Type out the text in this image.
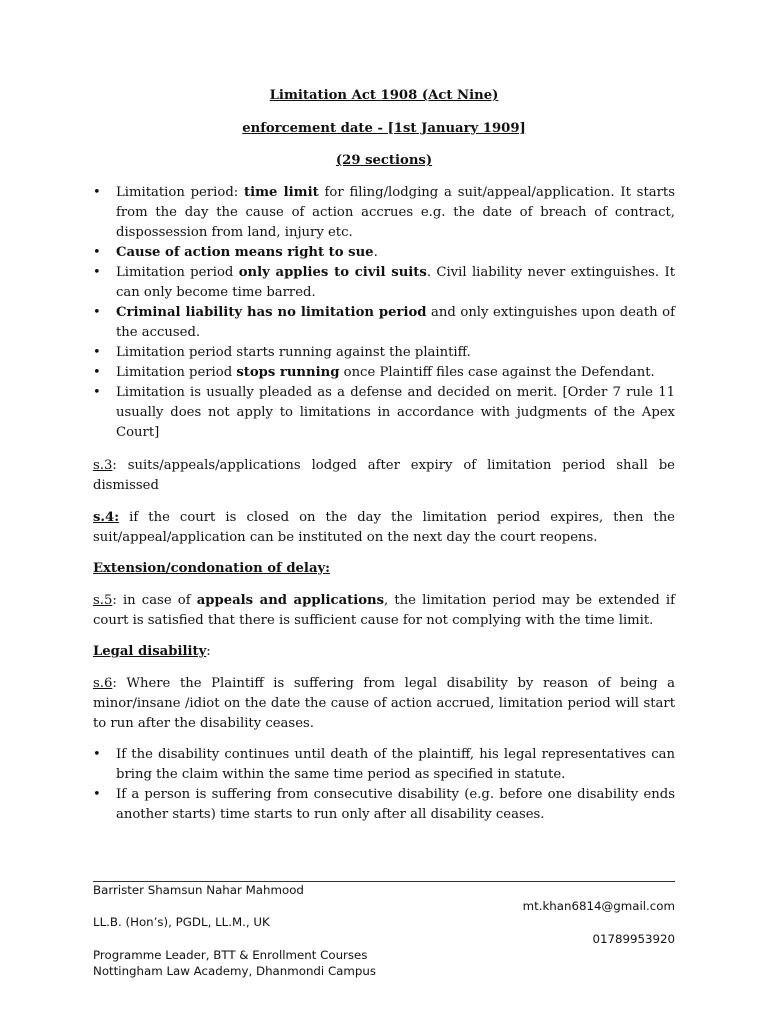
Limitation Act 1908 (Act Nine)
enforcement date - [1st January 1909]
(29 sections)
• Limitation period: time limit for filing/lodging a suit/appeal/application. It starts from the day the cause of action accrues e.g. the date of breach of contract, dispossession from land, injury etc.
• Cause of action means right to sue.
• Limitation period only applies to civil suits. Civil liability never extinguishes. It can only become time barred.
• Criminal liability has no limitation period and only extinguishes upon death of the accused.
• Limitation period starts running against the plaintiff.
• Limitation period stops running once Plaintiff files case against the Defendant.
• Limitation is usually pleaded as a defense and decided on merit. [Order 7 rule 11 usually does not apply to limitations in accordance with judgments of the Apex Court]

s.3: suits/appeals/applications lodged after expiry of limitation period shall be dismissed

s.4: if the court is closed on the day the limitation period expires, then the suit/appeal/application can be instituted on the next day the court reopens.

Extension/condonation of delay:

s.5: in case of appeals and applications, the limitation period may be extended if court is satisfied that there is sufficient cause for not complying with the time limit.

Legal disability:

s.6: Where the Plaintiff is suffering from legal disability by reason of being a minor/insane /idiot on the date the cause of action accrued, limitation period will start to run after the disability ceases.

• If the disability continues until death of the plaintiff, his legal representatives can bring the claim within the same time period as specified in statute.
• If a person is suffering from consecutive disability (e.g. before one disability ends another starts) time starts to run only after all disability ceases.
Barrister Shamsun Nahar Mahmood
mt.khan6814@gmail.com
LL.B. (Hon’s), PGDL, LL.M., UK
01789953920
Programme Leader, BTT & Enrollment Courses
Nottingham Law Academy, Dhanmondi Campus
